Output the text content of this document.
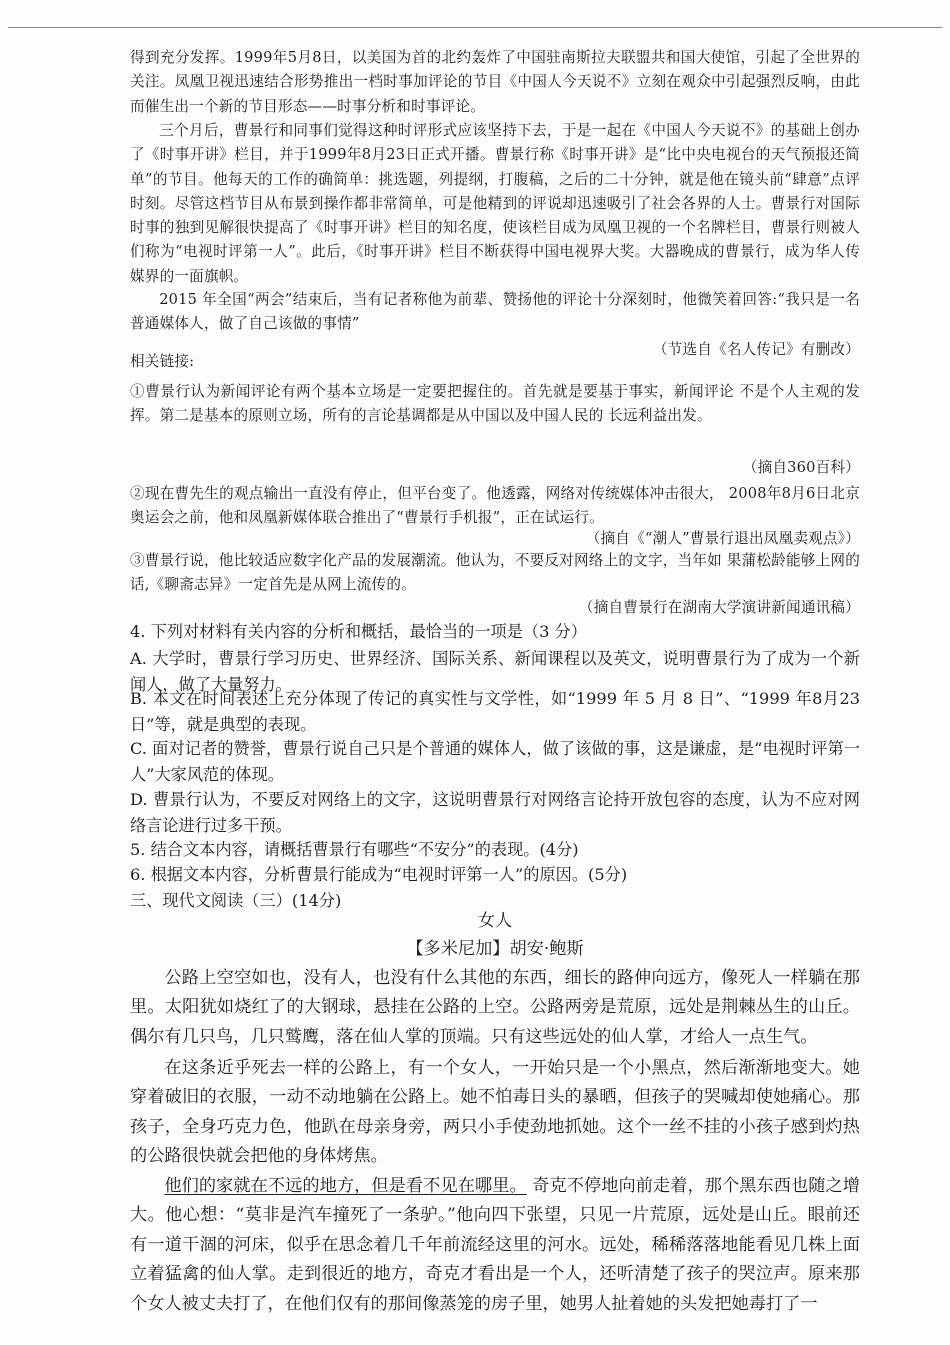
得到充分发挥。1999年5月8日，以美国为首的北约轰炸了中国驻南斯拉夫联盟共和国大使馆，引起了全世界的关注。凤凰卫视迅速结合形势推出一档时事加评论的节目《中国人今天说不》立刻在观众中引起强烈反响，由此而催生出一个新的节目形态——时事分析和时事评论。

三个月后，曹景行和同事们觉得这种时评形式应该坚持下去，于是一起在《中国人今天说不》的基础上创办了《时事开讲》栏目，并于1999年8月23日正式开播。曹景行称《时事开讲》是“比中央电视台的天气预报还简单”的节目。他每天的工作的确简单：挑选题，列提纲，打腹稿，之后的二十分钟，就是他在镜头前“肆意”点评时刻。尽管这档节目从布景到操作都非常简单，可是他精到的评说却迅速吸引了社会各界的人士。曹景行对国际时事的独到见解很快提高了《时事开讲》栏目的知名度，使该栏目成为凤凰卫视的一个名牌栏目，曹景行则被人们称为“电视时评第一人”。此后，《时事开讲》栏目不断获得中国电视界大奖。大器晚成的曹景行，成为华人传媒界的一面旗帜。

2015 年全国“两会”结束后，当有记者称他为前辈、赞扬他的评论十分深刻时，他微笑着回答:“我只是一名普通媒体人，做了自己该做的事情”

（节选自《名人传记》有删改）

相关链接:

①曹景行认为新闻评论有两个基本立场是一定要把握住的。首先就是要基于事实，新闻评论 不是个人主观的发挥。第二是基本的原则立场，所有的言论基调都是从中国以及中国人民的 长远利益出发。

（摘自360百科）

②现在曹先生的观点输出一直没有停止，但平台变了。他透露，网络对传统媒体冲击很大， 2008年8月6日北京奥运会之前，他和凤凰新媒体联合推出了“曹景行手机报”，正在试运行。

（摘自《“潮人”曹景行退出凤凰卖观点》）

③曹景行说，他比较适应数字化产品的发展潮流。他认为，不要反对网络上的文字，当年如 果蒲松龄能够上网的话,《聊斋志异》一定首先是从网上流传的。

（摘自曹景行在湖南大学演讲新闻通讯稿）

4. 下列对材料有关内容的分析和概括，最恰当的一项是（3 分）

A. 大学时，曹景行学习历史、世界经济、国际关系、新闻课程以及英文，说明曹景行为了成为一个新闻人，做了大量努力。

B. 本文在时间表述上充分体现了传记的真实性与文学性，如“1999 年 5 月 8 日”、“1999 年8月23日”等，就是典型的表现。

C. 面对记者的赞誉，曹景行说自己只是个普通的媒体人，做了该做的事，这是谦虚，是“电视时评第一人”大家风范的体现。

D. 曹景行认为，不要反对网络上的文字，这说明曹景行对网络言论持开放包容的态度，认为不应对网络言论进行过多干预。

5. 结合文本内容，请概括曹景行有哪些“不安分”的表现。(4分)

6. 根据文本内容，分析曹景行能成为“电视时评第一人”的原因。(5分)

三、现代文阅读（三）(14分)

女人

【多米尼加】胡安·鲍斯

公路上空空如也，没有人，也没有什么其他的东西，细长的路伸向远方，像死人一样躺在那里。太阳犹如烧红了的大钢球，悬挂在公路的上空。公路两旁是荒原，远处是荆棘丛生的山丘。偶尔有几只鸟，几只鹫鹰，落在仙人掌的顶端。只有这些远处的仙人掌，才给人一点生气。

在这条近乎死去一样的公路上，有一个女人，一开始只是一个小黑点，然后渐渐地变大。她穿着破旧的衣服，一动不动地躺在公路上。她不怕毒日头的暴晒，但孩子的哭喊却使她痛心。那孩子，全身巧克力色，他趴在母亲身旁，两只小手使劲地抓她。这个一丝不挂的小孩子感到灼热的公路很快就会把他的身体烤焦。

他们的家就在不远的地方，但是看不见在哪里。 奇克不停地向前走着，那个黑东西也随之增大。他心想：“莫非是汽车撞死了一条驴。”他向四下张望，只见一片荒原，远处是山丘。眼前还有一道干涸的河床，似乎在思念着几千年前流经这里的河水。远处，稀稀落落地能看见几株上面立着猛禽的仙人掌。走到很近的地方，奇克才看出是一个人，还听清楚了孩子的哭泣声。原来那个女人被丈夫打了，在他们仅有的那间像蒸笼的房子里，她男人扯着她的头发把她毒打了一
